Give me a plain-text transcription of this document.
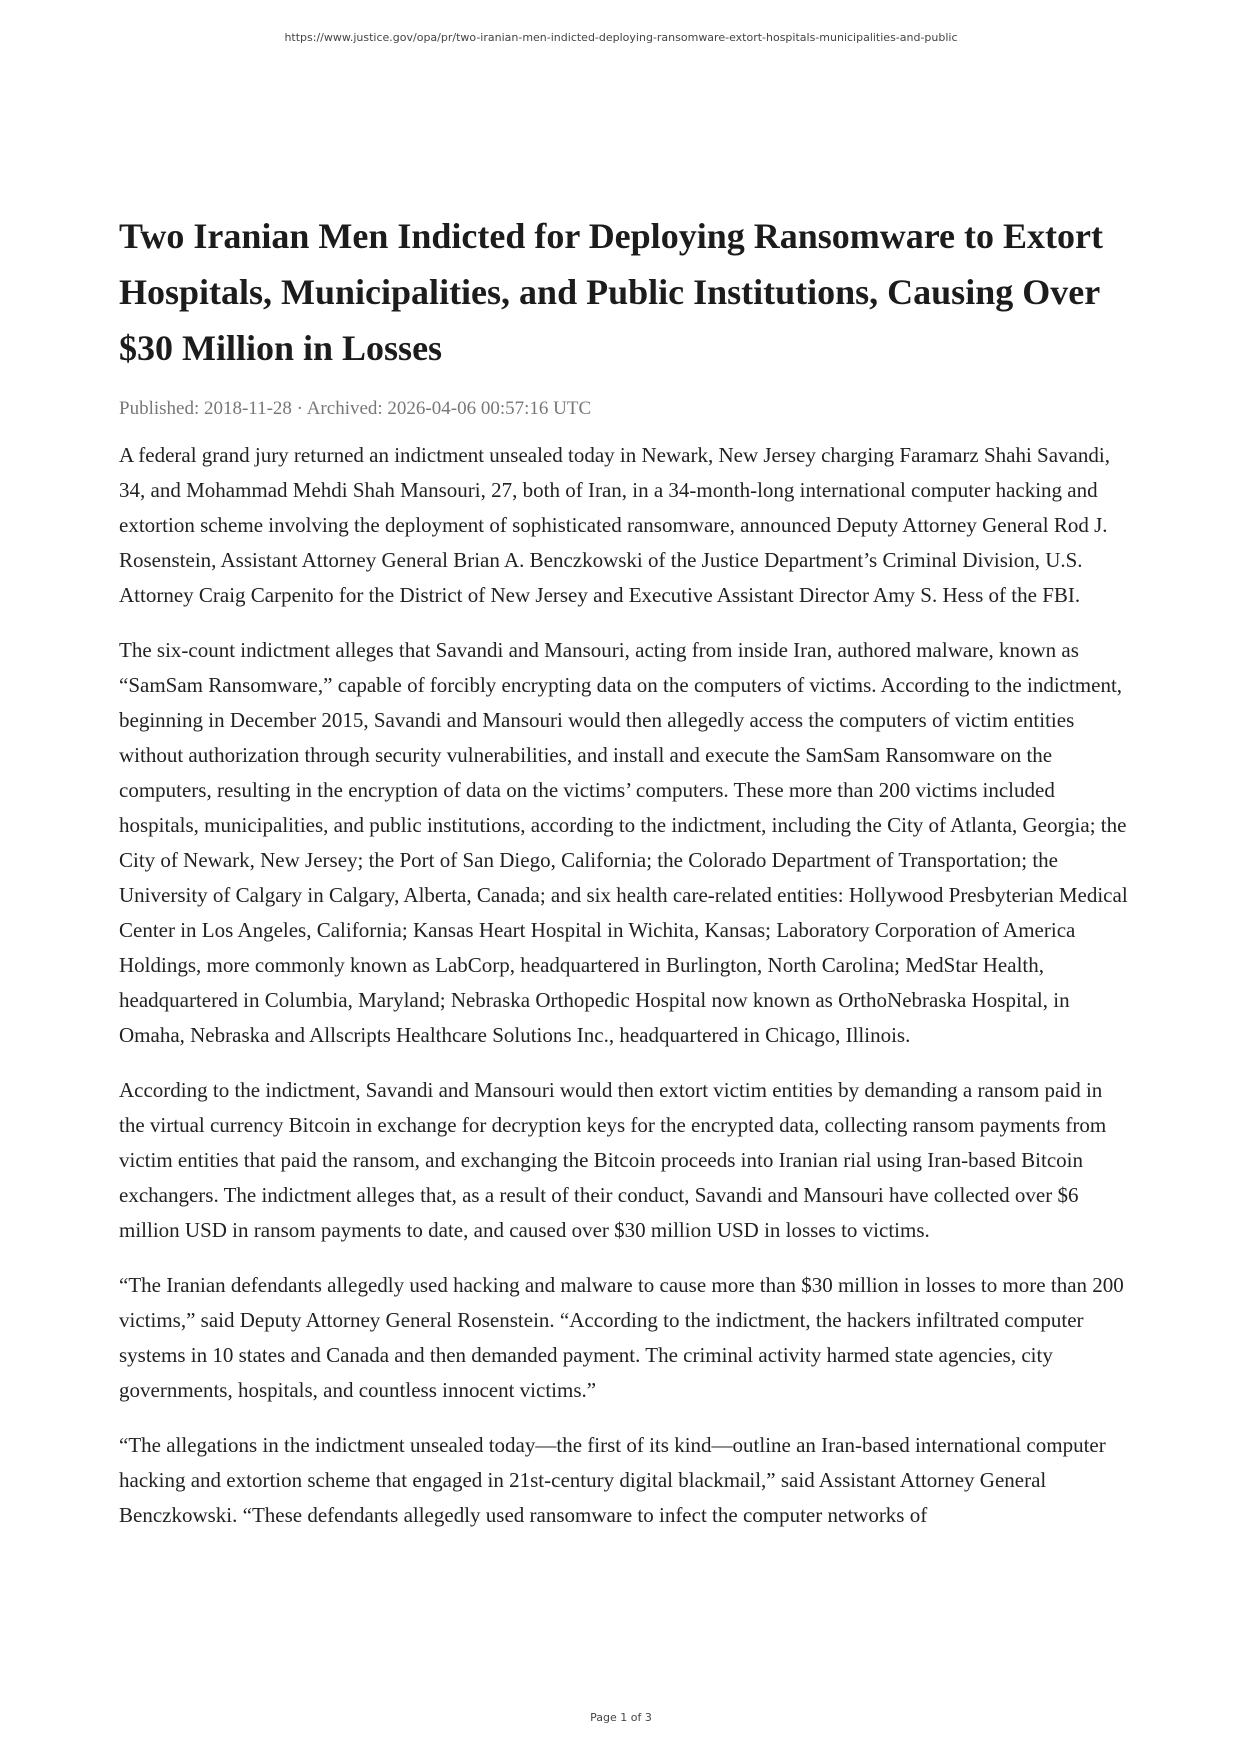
https://www.justice.gov/opa/pr/two-iranian-men-indicted-deploying-ransomware-extort-hospitals-municipalities-and-public
Two Iranian Men Indicted for Deploying Ransomware to Extort Hospitals, Municipalities, and Public Institutions, Causing Over $30 Million in Losses
Published: 2018-11-28 · Archived: 2026-04-06 00:57:16 UTC

A federal grand jury returned an indictment unsealed today in Newark, New Jersey charging Faramarz Shahi Savandi, 34, and Mohammad Mehdi Shah Mansouri, 27, both of Iran, in a 34-month-long international computer hacking and extortion scheme involving the deployment of sophisticated ransomware, announced Deputy Attorney General Rod J. Rosenstein, Assistant Attorney General Brian A. Benczkowski of the Justice Department’s Criminal Division, U.S. Attorney Craig Carpenito for the District of New Jersey and Executive Assistant Director Amy S. Hess of the FBI.

The six-count indictment alleges that Savandi and Mansouri, acting from inside Iran, authored malware, known as “SamSam Ransomware,” capable of forcibly encrypting data on the computers of victims. According to the indictment, beginning in December 2015, Savandi and Mansouri would then allegedly access the computers of victim entities without authorization through security vulnerabilities, and install and execute the SamSam Ransomware on the computers, resulting in the encryption of data on the victims’ computers. These more than 200 victims included hospitals, municipalities, and public institutions, according to the indictment, including the City of Atlanta, Georgia; the City of Newark, New Jersey; the Port of San Diego, California; the Colorado Department of Transportation; the University of Calgary in Calgary, Alberta, Canada; and six health care-related entities: Hollywood Presbyterian Medical Center in Los Angeles, California; Kansas Heart Hospital in Wichita, Kansas; Laboratory Corporation of America Holdings, more commonly known as LabCorp, headquartered in Burlington, North Carolina; MedStar Health, headquartered in Columbia, Maryland; Nebraska Orthopedic Hospital now known as OrthoNebraska Hospital, in Omaha, Nebraska and Allscripts Healthcare Solutions Inc., headquartered in Chicago, Illinois.

According to the indictment, Savandi and Mansouri would then extort victim entities by demanding a ransom paid in the virtual currency Bitcoin in exchange for decryption keys for the encrypted data, collecting ransom payments from victim entities that paid the ransom, and exchanging the Bitcoin proceeds into Iranian rial using Iran-based Bitcoin exchangers. The indictment alleges that, as a result of their conduct, Savandi and Mansouri have collected over $6 million USD in ransom payments to date, and caused over $30 million USD in losses to victims.

“The Iranian defendants allegedly used hacking and malware to cause more than $30 million in losses to more than 200 victims,” said Deputy Attorney General Rosenstein. “According to the indictment, the hackers infiltrated computer systems in 10 states and Canada and then demanded payment. The criminal activity harmed state agencies, city governments, hospitals, and countless innocent victims.”

“The allegations in the indictment unsealed today—the first of its kind—outline an Iran-based international computer hacking and extortion scheme that engaged in 21st-century digital blackmail,” said Assistant Attorney General Benczkowski. “These defendants allegedly used ransomware to infect the computer networks of

Page 1 of 3
